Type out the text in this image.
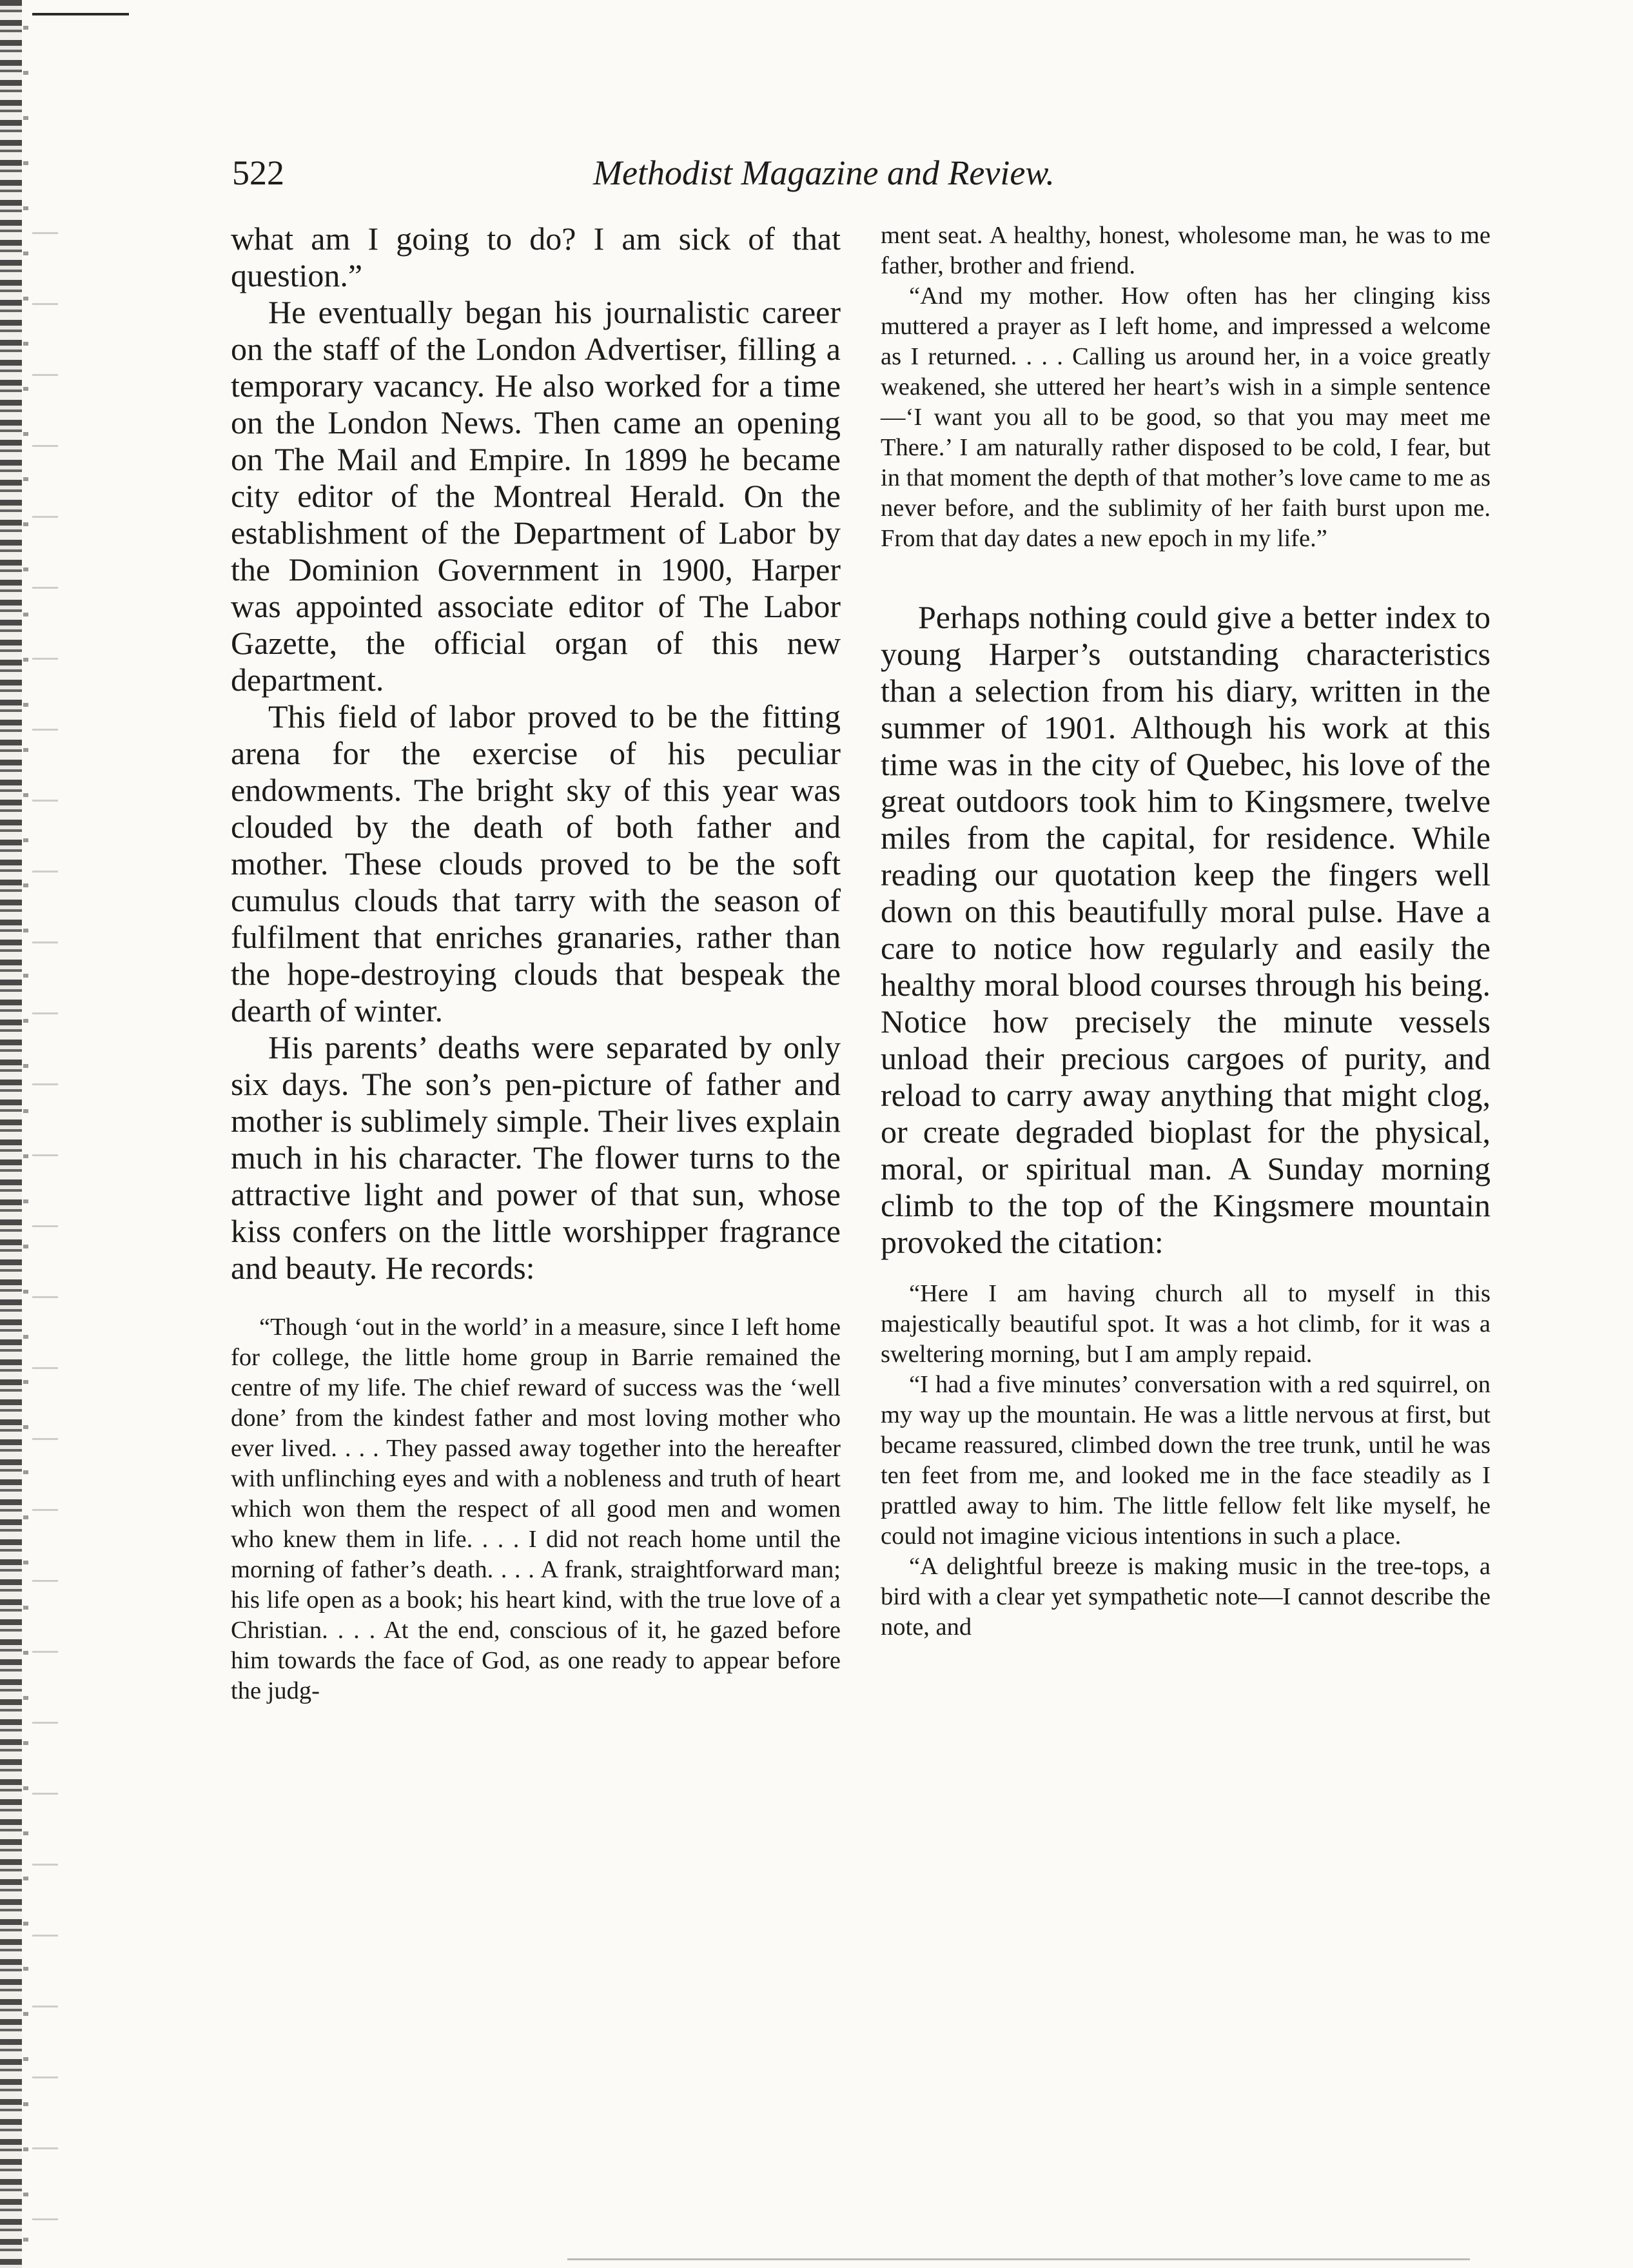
522	Methodist Magazine and Review.

what am I going to do? I am sick of that question.”

He eventually began his journalistic career on the staff of the London Advertiser, filling a temporary vacancy. He also worked for a time on the London News. Then came an opening on The Mail and Empire. In 1899 he became city editor of the Montreal Herald. On the establishment of the Department of Labor by the Dominion Government in 1900, Harper was appointed associate editor of The Labor Gazette, the official organ of this new department.

This field of labor proved to be the fitting arena for the exercise of his peculiar endowments. The bright sky of this year was clouded by the death of both father and mother. These clouds proved to be the soft cumulus clouds that tarry with the season of fulfilment that enriches granaries, rather than the hope-destroying clouds that bespeak the dearth of winter.

His parents’ deaths were separated by only six days. The son’s pen-picture of father and mother is sublimely simple. Their lives explain much in his character. The flower turns to the attractive light and power of that sun, whose kiss confers on the little worshipper fragrance and beauty. He records:

“Though ‘out in the world’ in a measure, since I left home for college, the little home group in Barrie remained the centre of my life. The chief reward of success was the ‘well done’ from the kindest father and most loving mother who ever lived. . . . They passed away together into the hereafter with unflinching eyes and with a nobleness and truth of heart which won them the respect of all good men and women who knew them in life. . . . I did not reach home until the morning of father’s death. . . . A frank, straightforward man; his life open as a book; his heart kind, with the true love of a Christian. . . . At the end, conscious of it, he gazed before him towards the face of God, as one ready to appear before the judg-

ment seat. A healthy, honest, wholesome man, he was to me father, brother and friend.

“And my mother. How often has her clinging kiss muttered a prayer as I left home, and impressed a welcome as I returned. . . . Calling us around her, in a voice greatly weakened, she uttered her heart’s wish in a simple sentence—‘I want you all to be good, so that you may meet me There.’ I am naturally rather disposed to be cold, I fear, but in that moment the depth of that mother’s love came to me as never before, and the sublimity of her faith burst upon me. From that day dates a new epoch in my life.”

Perhaps nothing could give a better index to young Harper’s outstanding characteristics than a selection from his diary, written in the summer of 1901. Although his work at this time was in the city of Quebec, his love of the great outdoors took him to Kingsmere, twelve miles from the capital, for residence. While reading our quotation keep the fingers well down on this beautifully moral pulse. Have a care to notice how regularly and easily the healthy moral blood courses through his being. Notice how precisely the minute vessels unload their precious cargoes of purity, and reload to carry away anything that might clog, or create degraded bioplast for the physical, moral, or spiritual man. A Sunday morning climb to the top of the Kingsmere mountain provoked the citation:

“Here I am having church all to myself in this majestically beautiful spot. It was a hot climb, for it was a sweltering morning, but I am amply repaid.

“I had a five minutes’ conversation with a red squirrel, on my way up the mountain. He was a little nervous at first, but became reassured, climbed down the tree trunk, until he was ten feet from me, and looked me in the face steadily as I prattled away to him. The little fellow felt like myself, he could not imagine vicious intentions in such a place.

“A delightful breeze is making music in the tree-tops, a bird with a clear yet sympathetic note—I cannot describe the note, and
